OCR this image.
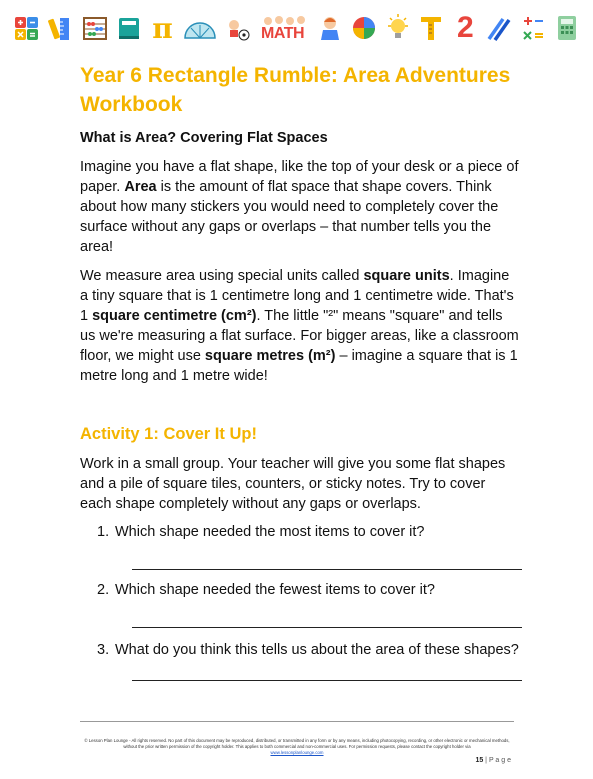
π	MATH	2
Year 6 Rectangle Rumble: Area Adventures Workbook
What is Area? Covering Flat Spaces

Imagine you have a flat shape, like the top of your desk or a piece of paper. Area is the amount of flat space that shape covers. Think about how many stickers you would need to completely cover the surface without any gaps or overlaps – that number tells you the area!

We measure area using special units called square units. Imagine a tiny square that is 1 centimetre long and 1 centimetre wide. That's 1 square centimetre (cm²). The little "²" means "square" and tells us we're measuring a flat surface. For bigger areas, like a classroom floor, we might use square metres (m²) – imagine a square that is 1 metre long and 1 metre wide!

Activity 1: Cover It Up!

Work in a small group. Your teacher will give you some flat shapes and a pile of square tiles, counters, or sticky notes. Try to cover each shape completely without any gaps or overlaps.

1. Which shape needed the most items to cover it?
2. Which shape needed the fewest items to cover it?
3. What do you think this tells us about the area of these shapes?
© Lesson Plan Lounge - All rights reserved. No part of this document may be reproduced, distributed, or transmitted in any form or by any means, including photocopying, recording, or other electronic or mechanical methods, without the prior written permission of the copyright holder. This applies to both commercial and non-commercial uses. For permission requests, please contact the copyright holder via
www.lessonplanlounge.com
15 | P a g e
